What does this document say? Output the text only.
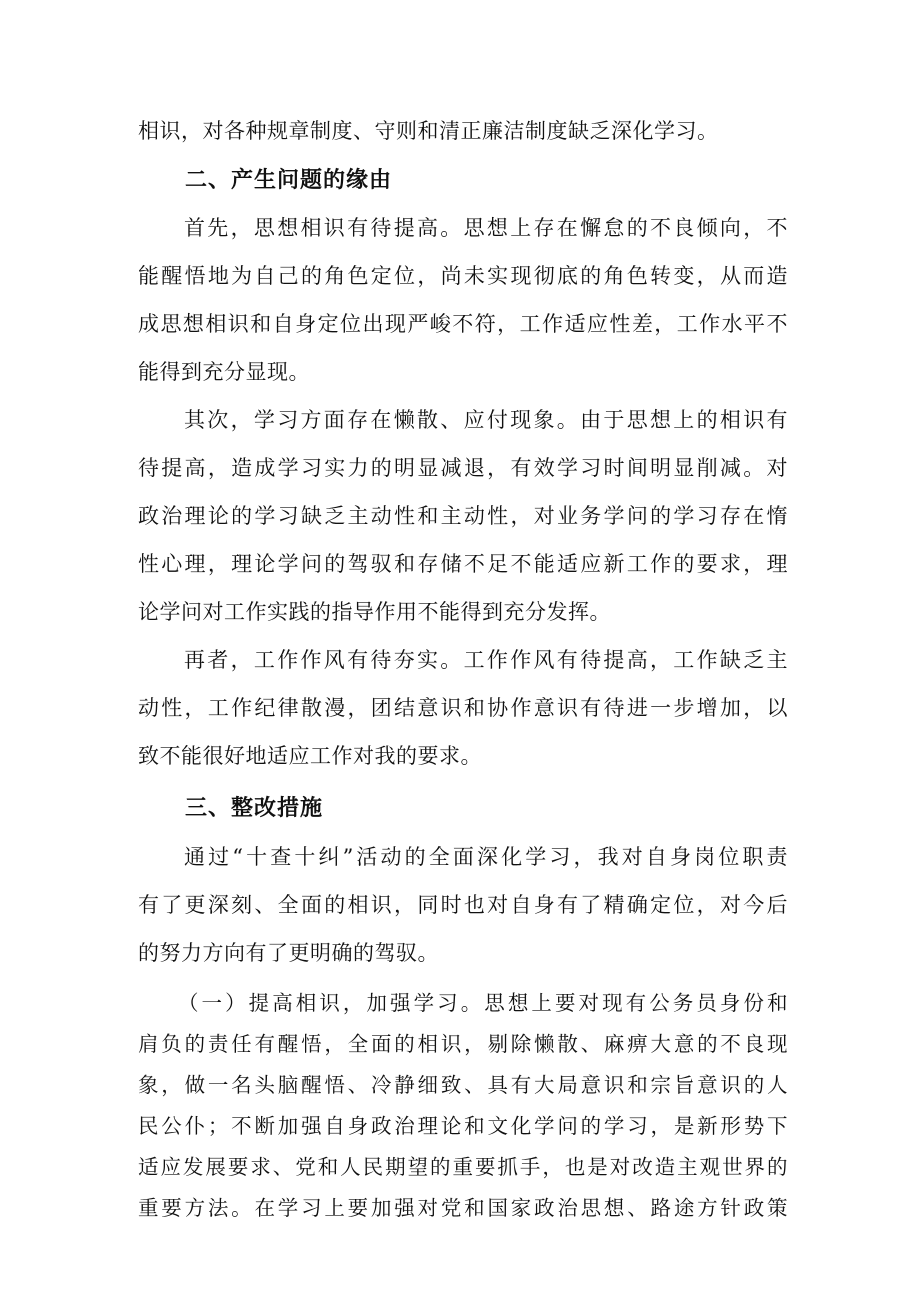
相识，对各种规章制度、守则和清正廉洁制度缺乏深化学习。
二、产生问题的缘由
首先，思想相识有待提高。思想上存在懈怠的不良倾向，不
能醒悟地为自己的角色定位，尚未实现彻底的角色转变，从而造
成思想相识和自身定位出现严峻不符，工作适应性差，工作水平不
能得到充分显现。
其次，学习方面存在懒散、应付现象。由于思想上的相识有
待提高，造成学习实力的明显减退，有效学习时间明显削减。对
政治理论的学习缺乏主动性和主动性，对业务学问的学习存在惰
性心理，理论学问的驾驭和存储不足不能适应新工作的要求，理
论学问对工作实践的指导作用不能得到充分发挥。
再者，工作作风有待夯实。工作作风有待提高，工作缺乏主
动性，工作纪律散漫，团结意识和协作意识有待进一步增加，以
致不能很好地适应工作对我的要求。
三、整改措施
通过“十查十纠”活动的全面深化学习，我对自身岗位职责
有了更深刻、全面的相识，同时也对自身有了精确定位，对今后
的努力方向有了更明确的驾驭。
（一）提高相识，加强学习。思想上要对现有公务员身份和
肩负的责任有醒悟，全面的相识，剔除懒散、麻痹大意的不良现
象，做一名头脑醒悟、冷静细致、具有大局意识和宗旨意识的人
民公仆；不断加强自身政治理论和文化学问的学习，是新形势下
适应发展要求、党和人民期望的重要抓手，也是对改造主观世界的
重要方法。在学习上要加强对党和国家政治思想、路途方针政策
